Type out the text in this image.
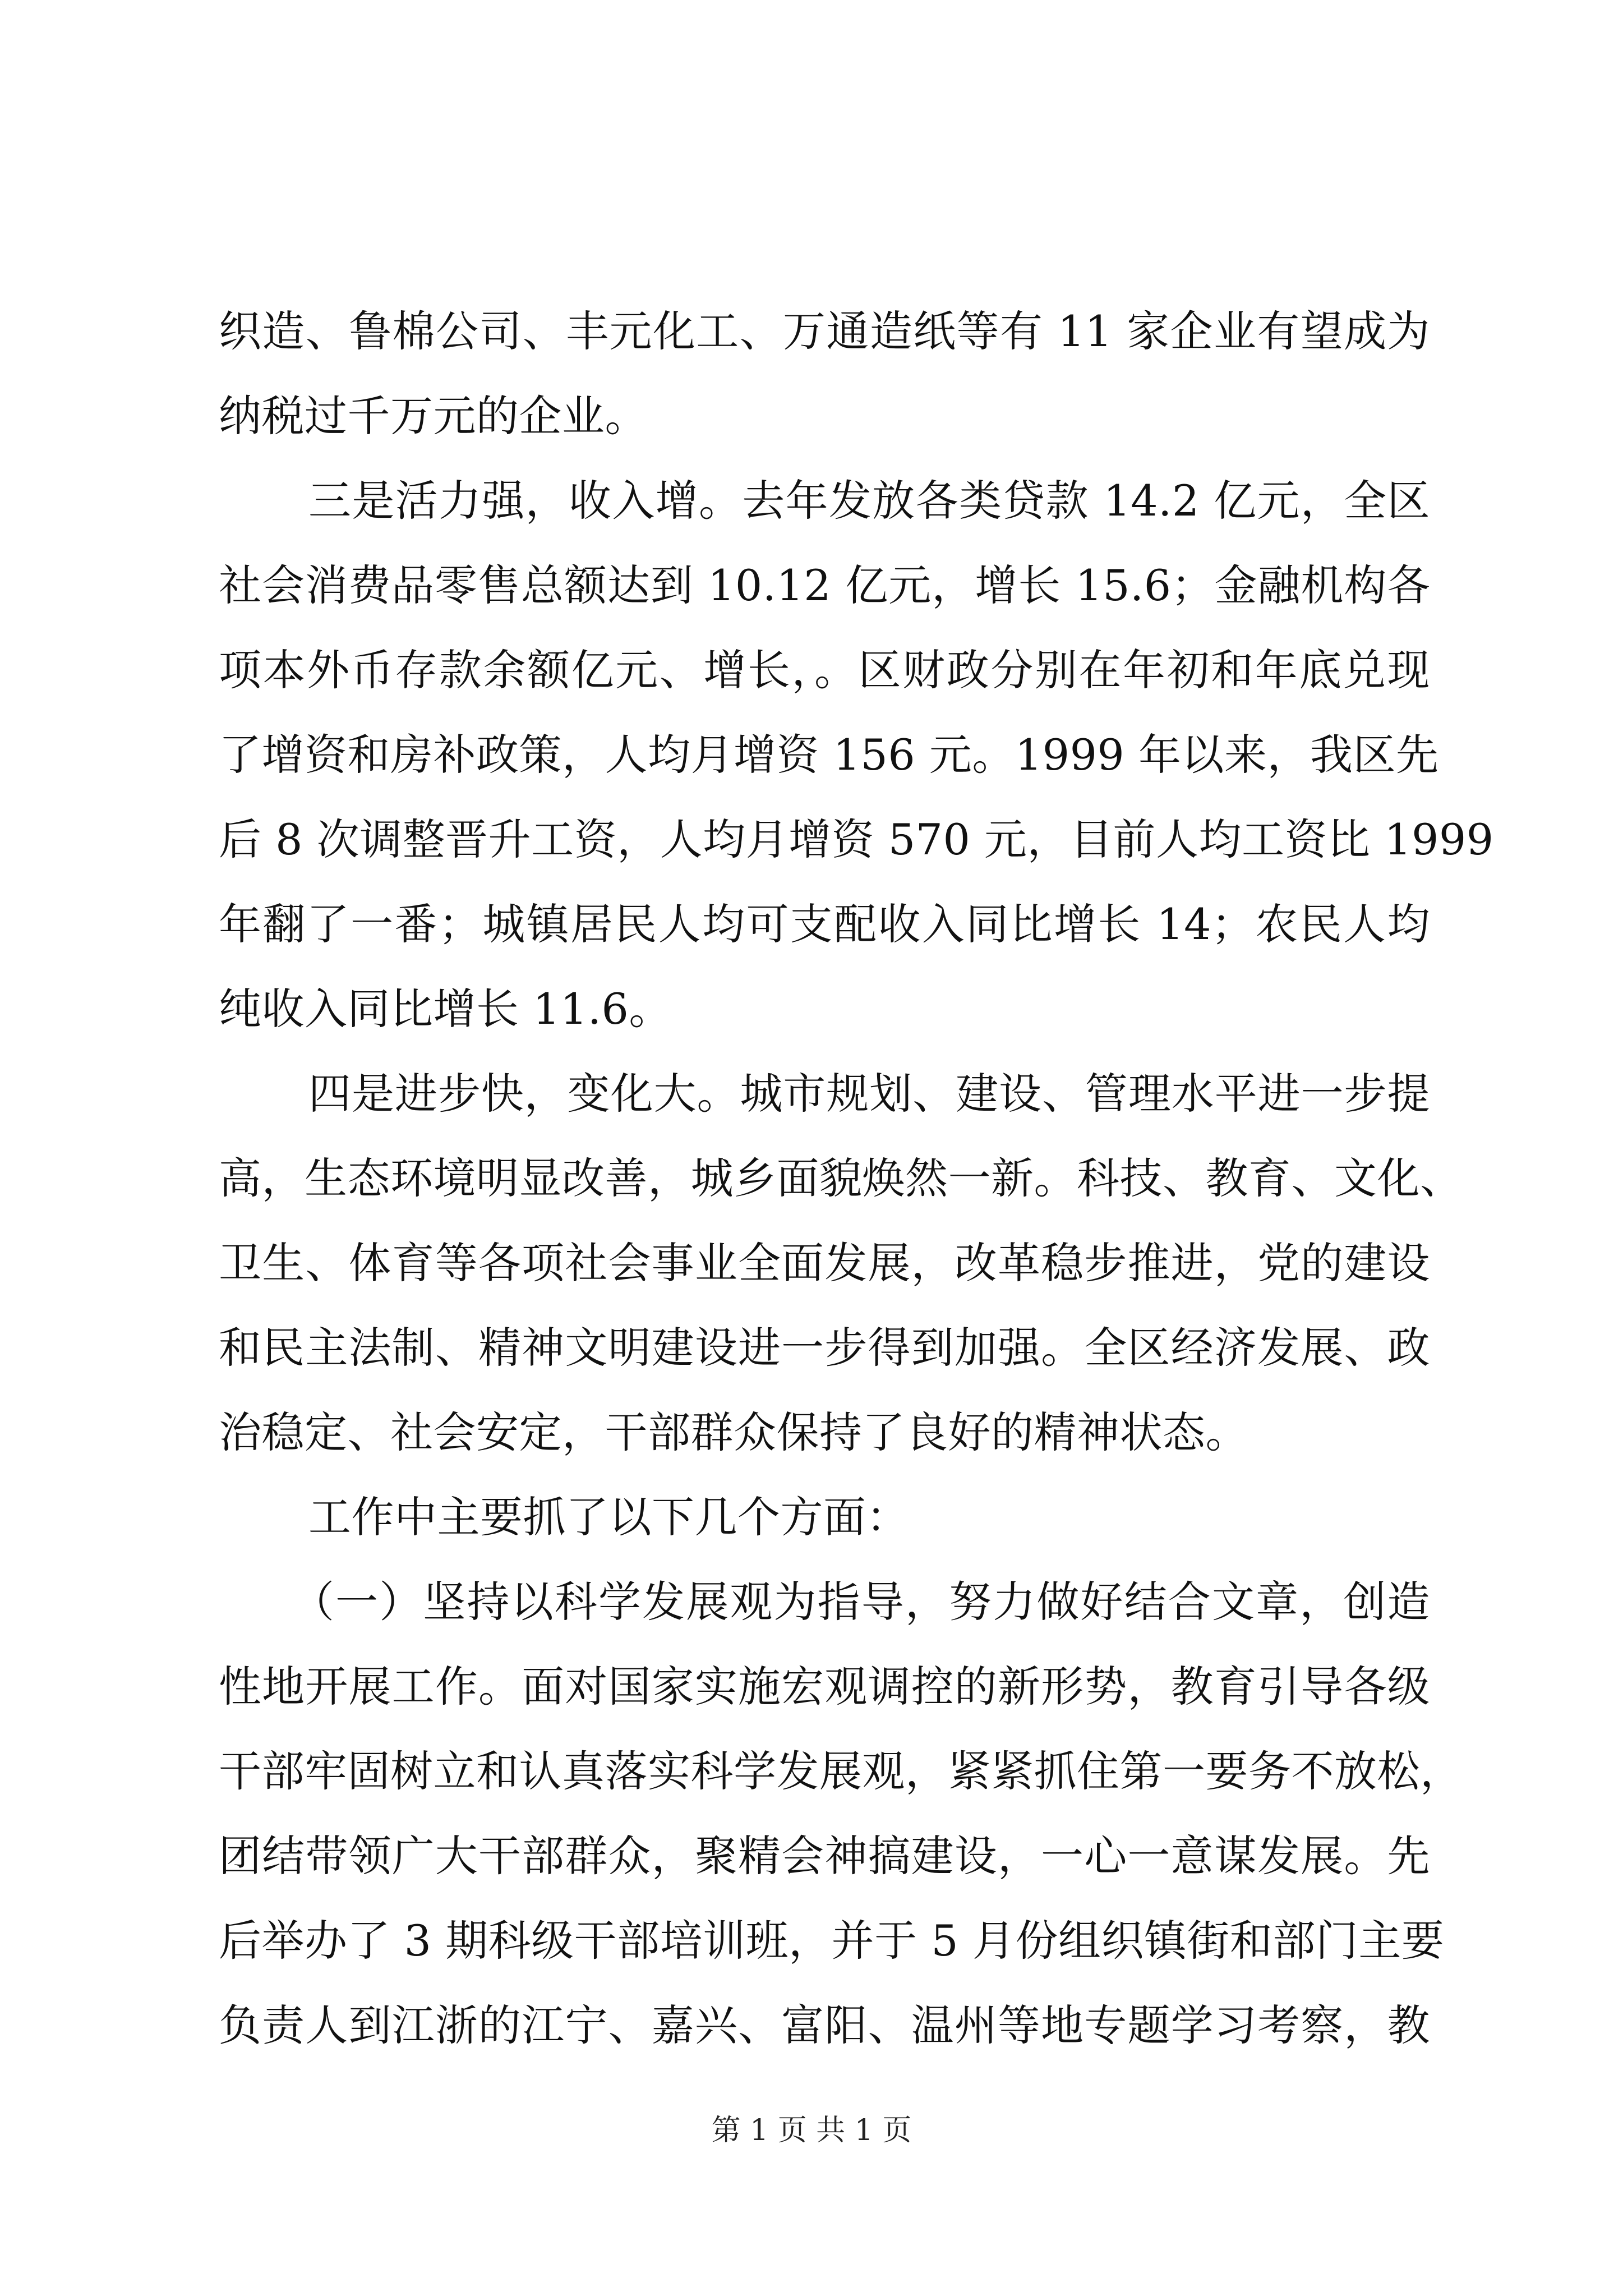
织造、鲁棉公司、丰元化工、万通造纸等有 11 家企业有望成为
纳税过千万元的企业。
三是活力强，收入增。去年发放各类贷款 14.2 亿元，全区
社会消费品零售总额达到 10.12 亿元，增长 15.6；金融机构各
项本外币存款余额亿元、增长，。区财政分别在年初和年底兑现
了增资和房补政策，人均月增资 156 元。1999 年以来，我区先
后 8 次调整晋升工资，人均月增资 570 元，目前人均工资比 1999
年翻了一番；城镇居民人均可支配收入同比增长 14；农民人均
纯收入同比增长 11.6。
四是进步快，变化大。城市规划、建设、管理水平进一步提
高，生态环境明显改善，城乡面貌焕然一新。科技、教育、文化、
卫生、体育等各项社会事业全面发展，改革稳步推进，党的建设
和民主法制、精神文明建设进一步得到加强。全区经济发展、政
治稳定、社会安定，干部群众保持了良好的精神状态。
工作中主要抓了以下几个方面：
（一）坚持以科学发展观为指导，努力做好结合文章，创造
性地开展工作。面对国家实施宏观调控的新形势，教育引导各级
干部牢固树立和认真落实科学发展观，紧紧抓住第一要务不放松，
团结带领广大干部群众，聚精会神搞建设，一心一意谋发展。先
后举办了 3 期科级干部培训班，并于 5 月份组织镇街和部门主要
负责人到江浙的江宁、嘉兴、富阳、温州等地专题学习考察，教
第 1 页 共 1 页
